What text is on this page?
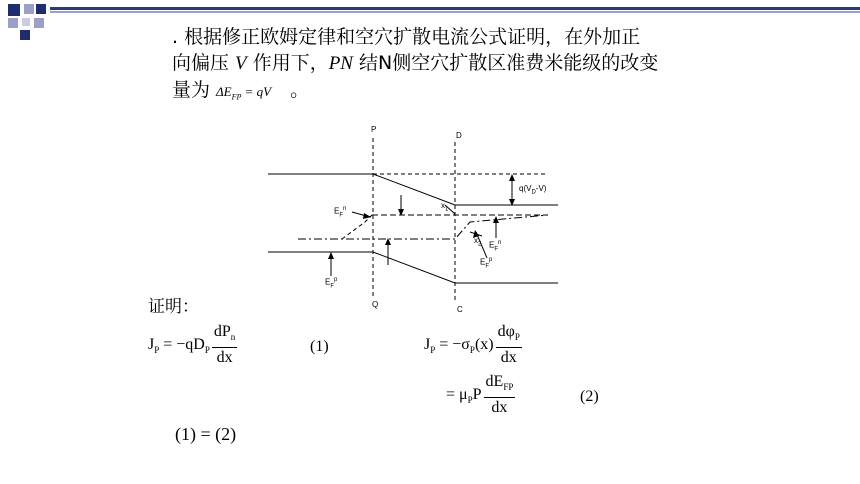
. 根据修正欧姆定律和空穴扩散电流公式证明，在外加正
向偏压 V 作用下，PN 结N侧空穴扩散区准费米能级的改变
量为 $\Delta E_{FP}$ = qV　。
P
D
Q
C
$q(V_D-V)$
$E_F^n$	$x_1$
$x_2$ $E_F^n$
$E_F^p$
$E_F^p$
证明：
$J_P = -qD_P \frac{dP_n}{dx}$	(1)	$J_P = -\sigma_P(x) \frac{d\varphi_P}{dx}$
= $\mu_PP \frac{dE_{FP}}{dx}$	(2)
(1) = (2)
